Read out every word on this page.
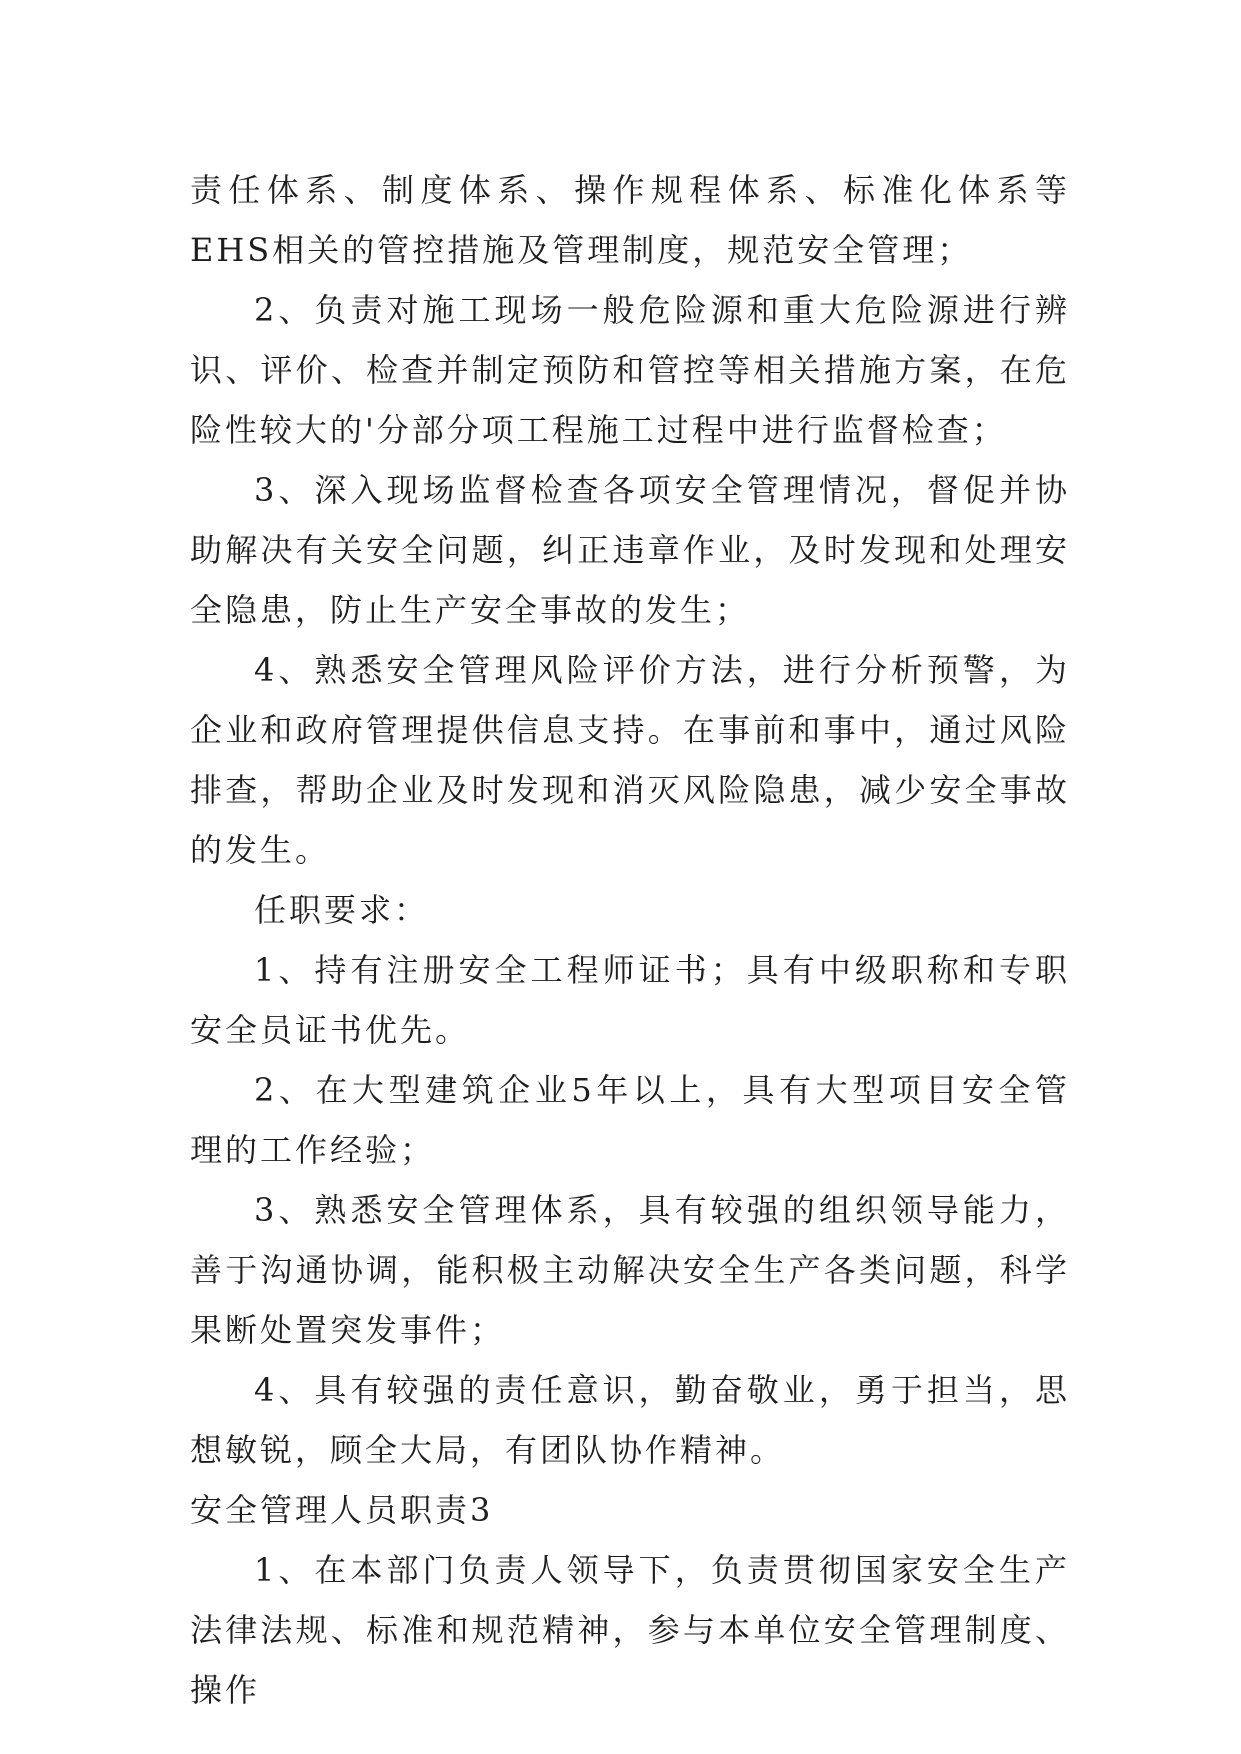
责任体系、制度体系、操作规程体系、标准化体系等EHS相关的管控措施及管理制度，规范安全管理；

2、负责对施工现场一般危险源和重大危险源进行辨识、评价、检查并制定预防和管控等相关措施方案，在危险性较大的'分部分项工程施工过程中进行监督检查；

3、深入现场监督检查各项安全管理情况，督促并协助解决有关安全问题，纠正违章作业，及时发现和处理安全隐患，防止生产安全事故的发生；

4、熟悉安全管理风险评价方法，进行分析预警，为企业和政府管理提供信息支持。在事前和事中，通过风险排查，帮助企业及时发现和消灭风险隐患，减少安全事故的发生。

任职要求：

1、持有注册安全工程师证书；具有中级职称和专职安全员证书优先。

2、在大型建筑企业5年以上，具有大型项目安全管理的工作经验；

3、熟悉安全管理体系，具有较强的组织领导能力，善于沟通协调，能积极主动解决安全生产各类问题，科学果断处置突发事件；

4、具有较强的责任意识，勤奋敬业，勇于担当，思想敏锐，顾全大局，有团队协作精神。

安全管理人员职责3

1、在本部门负责人领导下，负责贯彻国家安全生产法律法规、标准和规范精神，参与本单位安全管理制度、操作
